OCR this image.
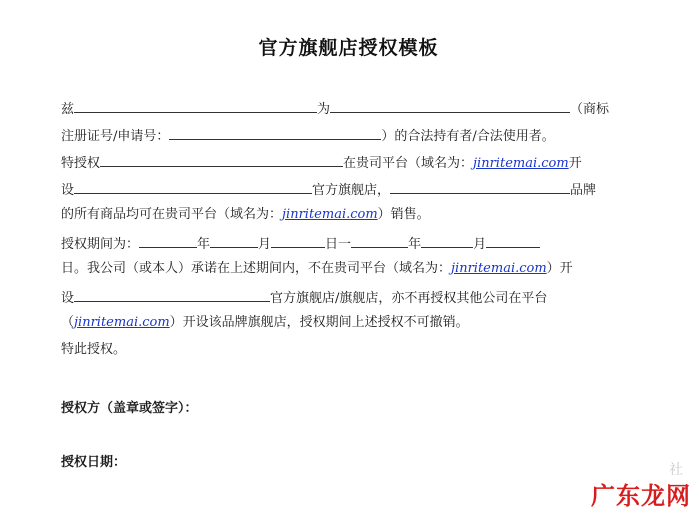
官方旗舰店授权模板
兹	为	（商标
注册证号/申请号：	）的合法持有者/合法使用者。
特授权	在贵司平台（域名为：jinritemai.com开
设	官方旗舰店，	品牌
的所有商品均可在贵司平台（域名为：jinritemai.com）销售。
授权期间为：	年	月	日一	年	月
日。我公司（或本人）承诺在上述期间内，不在贵司平台（域名为：jinritemai.com）开
设	官方旗舰店/旗舰店，亦不再授权其他公司在平台
（jinritemai.com）开设该品牌旗舰店，授权期间上述授权不可撤销。
特此授权。
授权方（盖章或签字）：
授权日期：	社
广东龙网
